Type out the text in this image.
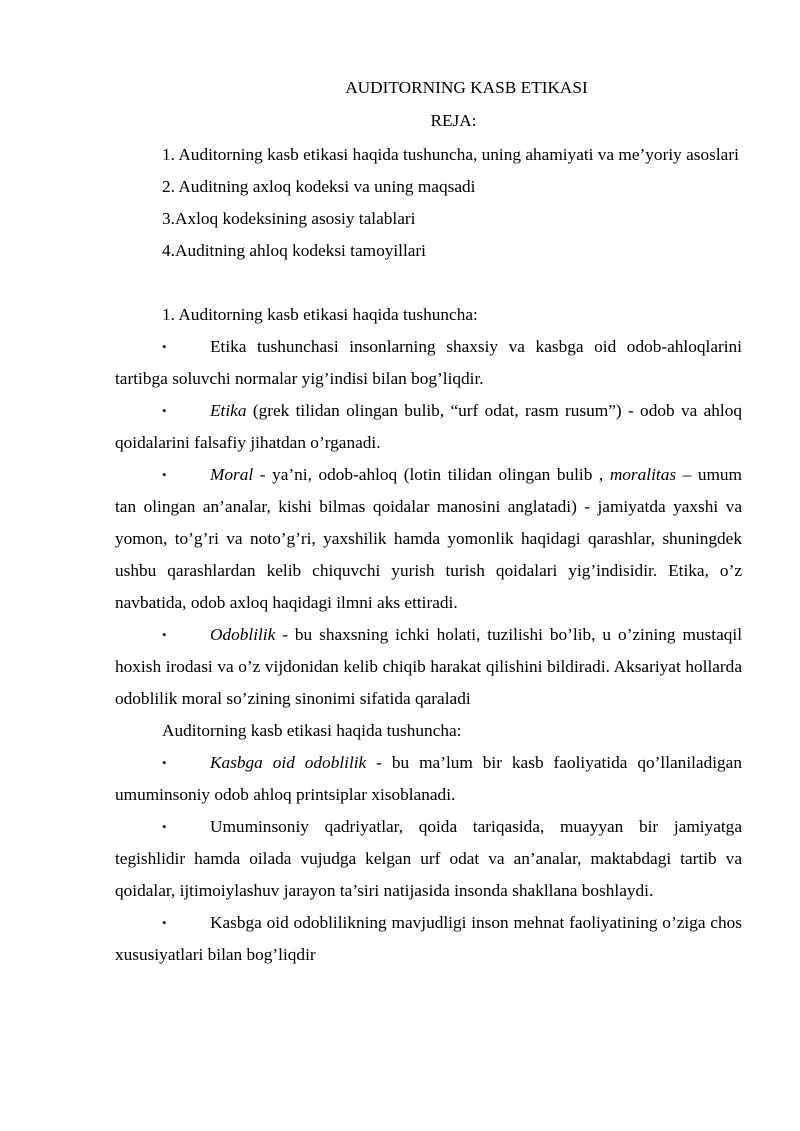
AUDITORNING KASB ETIKASI

REJA:

1. Auditorning kasb etikasi haqida tushuncha, uning ahamiyati va me’yoriy asoslari

2. Auditning axloq kodeksi va uning maqsadi

3.Axloq kodeksining asosiy talablari

4.Auditning ahloq kodeksi tamoyillari

1. Auditorning kasb etikasi haqida tushuncha:

•	Etika tushunchasi insonlarning shaxsiy va kasbga oid odob-ahloqlarini tartibga soluvchi normalar yig’indisi bilan bog’liqdir.

•	Etika (grek tilidan olingan bulib, “urf odat, rasm rusum”) - odob va ahloq qoidalarini falsafiy jihatdan o’rganadi.

•	Moral - ya’ni, odob-ahloq (lotin tilidan olingan bulib , moralitas – umum tan olingan an’analar, kishi bilmas qoidalar manosini anglatadi) - jamiyatda yaxshi va yomon, to’g’ri va noto’g’ri, yaxshilik hamda yomonlik haqidagi qarashlar, shuningdek ushbu qarashlardan kelib chiquvchi yurish turish qoidalari yig’indisidir. Etika, o’z navbatida, odob axloq haqidagi ilmni aks ettiradi.

•	Odoblilik - bu shaxsning ichki holati, tuzilishi bo’lib, u o’zining mustaqil hoxish irodasi va o’z vijdonidan kelib chiqib harakat qilishini bildiradi. Aksariyat hollarda odoblilik moral so’zining sinonimi sifatida qaraladi

Auditorning kasb etikasi haqida tushuncha:

•	Kasbga oid odoblilik - bu ma’lum bir kasb faoliyatida qo’llaniladigan umuminsoniy odob ahloq printsiplar xisoblanadi.

•	Umuminsoniy qadriyatlar, qoida tariqasida, muayyan bir jamiyatga tegishlidir hamda oilada vujudga kelgan urf odat va an’analar, maktabdagi tartib va qoidalar, ijtimoiylashuv jarayon ta’siri natijasida insonda shakllana boshlaydi.

•	Kasbga oid odoblilikning mavjudligi inson mehnat faoliyatining o’ziga chos xususiyatlari bilan bog’liqdir
